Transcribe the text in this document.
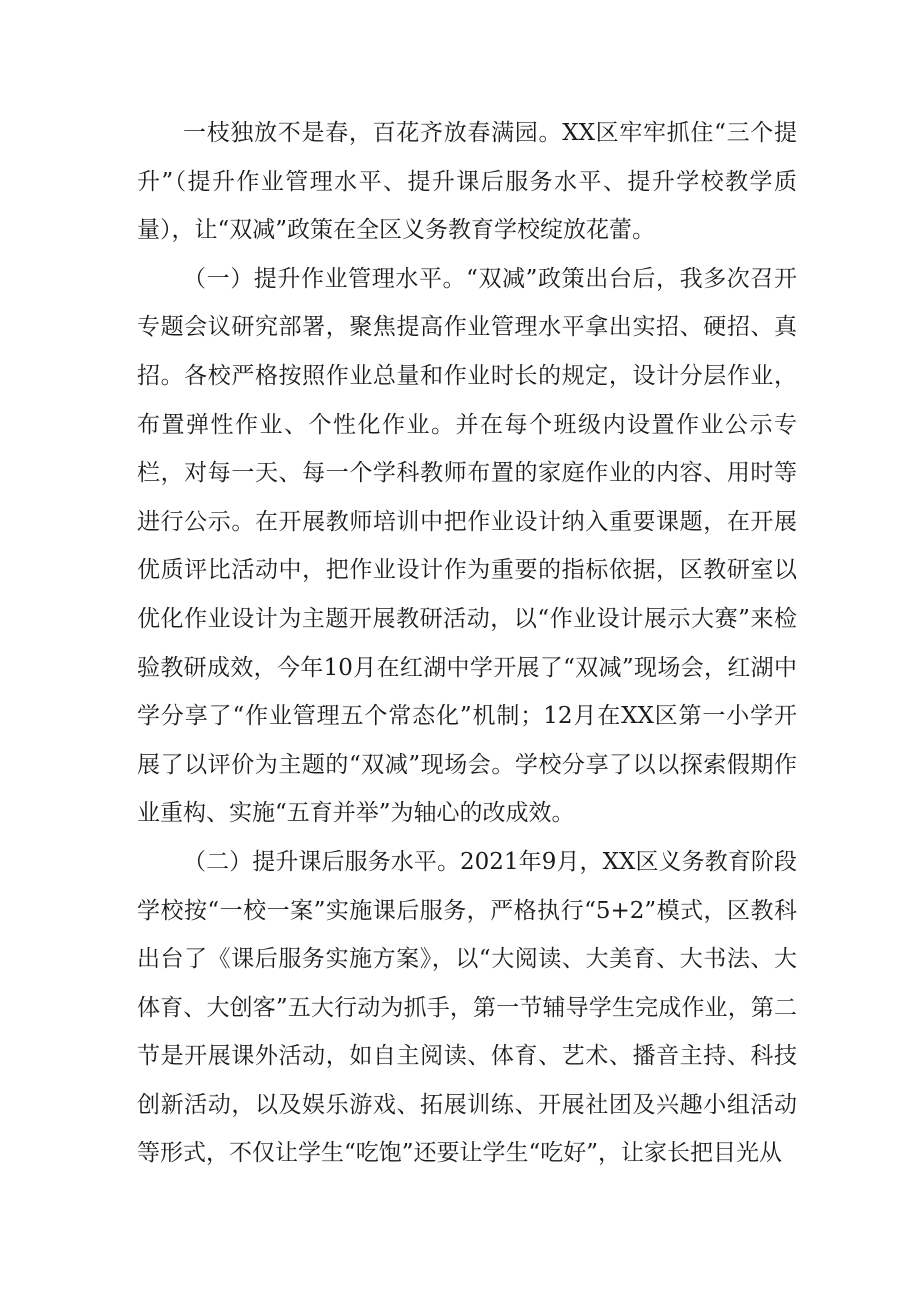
一枝独放不是春，百花齐放春满园。XX区牢牢抓住“三个提升”（提升作业管理水平、提升课后服务水平、提升学校教学质量），让“双减”政策在全区义务教育学校绽放花蕾。

（一）提升作业管理水平。“双减”政策出台后，我多次召开专题会议研究部署，聚焦提高作业管理水平拿出实招、硬招、真招。各校严格按照作业总量和作业时长的规定，设计分层作业，布置弹性作业、个性化作业。并在每个班级内设置作业公示专栏，对每一天、每一个学科教师布置的家庭作业的内容、用时等进行公示。在开展教师培训中把作业设计纳入重要课题，在开展优质评比活动中，把作业设计作为重要的指标依据，区教研室以优化作业设计为主题开展教研活动，以“作业设计展示大赛”来检验教研成效，今年10月在红湖中学开展了“双减”现场会，红湖中学分享了“作业管理五个常态化”机制；12月在XX区第一小学开展了以评价为主题的“双减”现场会。学校分享了以以探索假期作业重构、实施“五育并举”为轴心的改成效。

（二）提升课后服务水平。2021年9月，XX区义务教育阶段学校按“一校一案”实施课后服务，严格执行“5+2”模式，区教科出台了《课后服务实施方案》，以“大阅读、大美育、大书法、大体育、大创客”五大行动为抓手，第一节辅导学生完成作业，第二节是开展课外活动，如自主阅读、体育、艺术、播音主持、科技创新活动，以及娱乐游戏、拓展训练、开展社团及兴趣小组活动等形式，不仅让学生“吃饱”还要让学生“吃好”，让家长把目光从
